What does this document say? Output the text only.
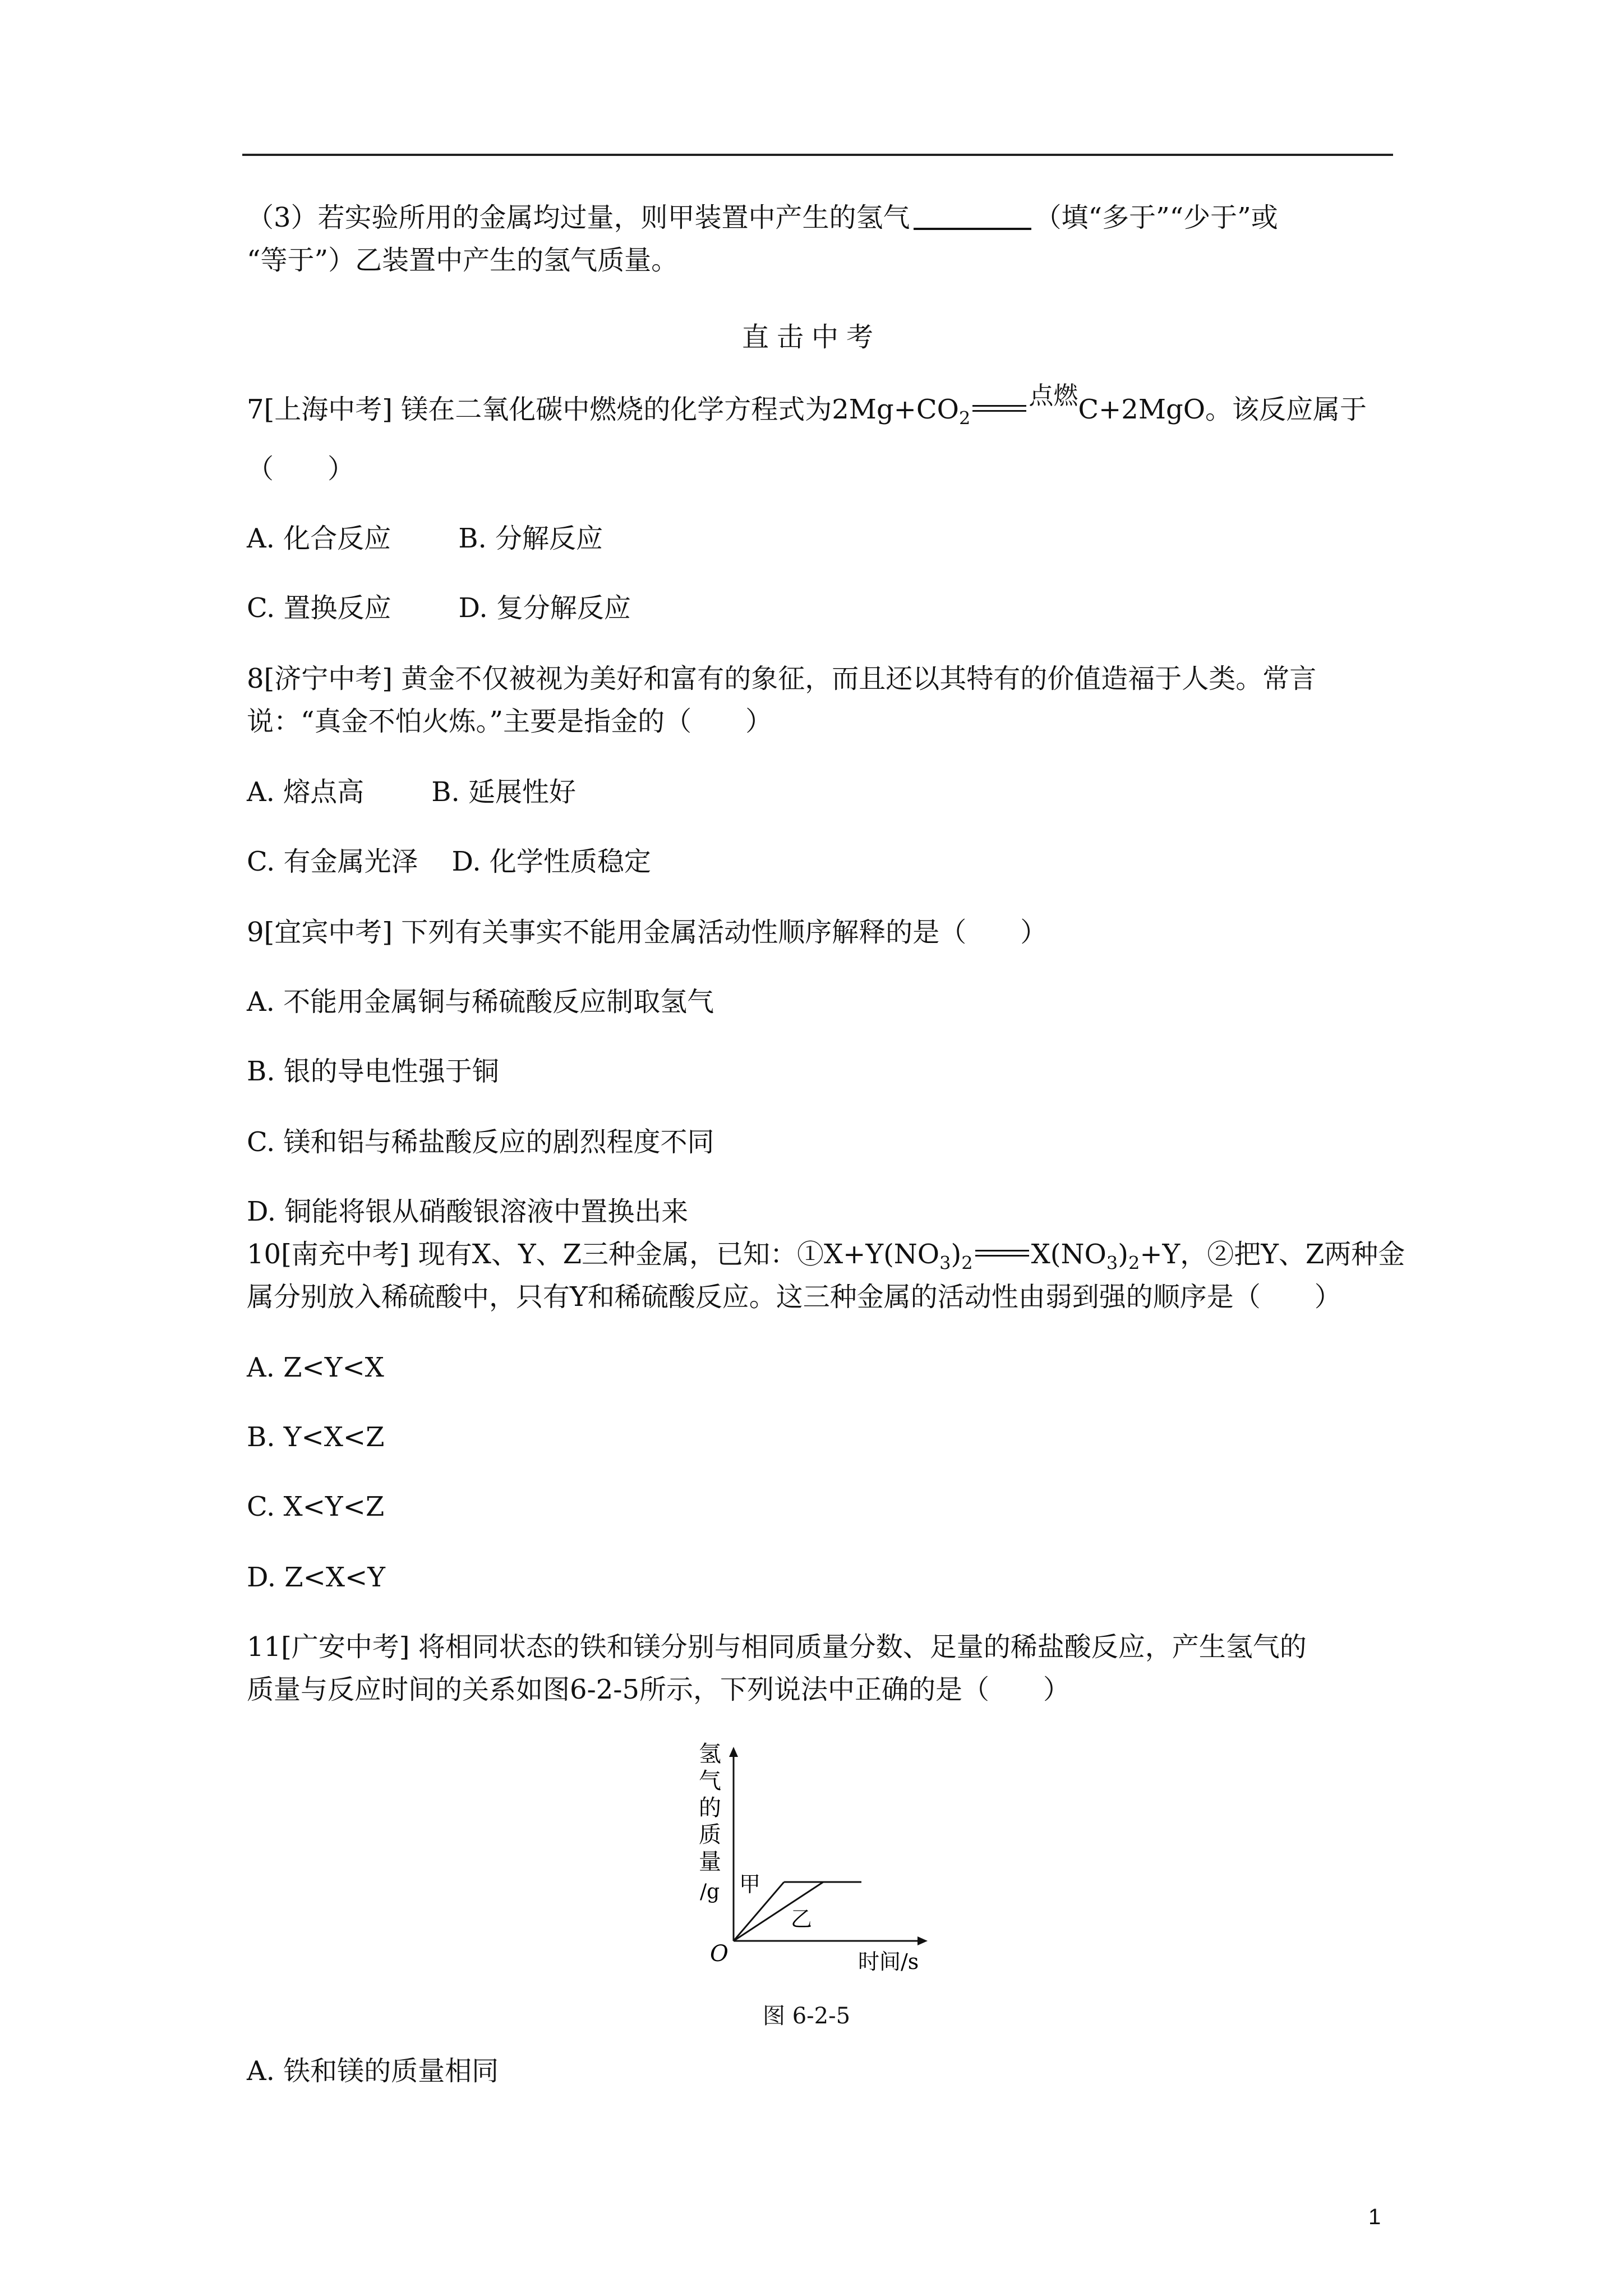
（3）若实验所用的金属均过量，则甲装置中产生的氢气	（填“多于”“少于”或
“等于”）乙装置中产生的氢气质量。
直击中考
7[上海中考] 镁在二氧化碳中燃烧的化学方程式为$2Mg+CO_2$点燃C+2MgO。该反应属于
（　　）
A. 化合反应	B. 分解反应
C. 置换反应	D. 复分解反应
8[济宁中考] 黄金不仅被视为美好和富有的象征，而且还以其特有的价值造福于人类。常言
说：“真金不怕火炼。”主要是指金的（　　）
A. 熔点高	B. 延展性好
C. 有金属光泽 D. 化学性质稳定
9[宜宾中考] 下列有关事实不能用金属活动性顺序解释的是（　　）
A. 不能用金属铜与稀硫酸反应制取氢气
B. 银的导电性强于铜
C. 镁和铝与稀盐酸反应的剧烈程度不同
D. 铜能将银从硝酸银溶液中置换出来
10[南充中考] 现有X、Y、Z三种金属，已知：$①X+Y(NO_3)_2$ $X(NO_3)_2+Y$，②把Y、Z两种金
属分别放入稀硫酸中，只有Y和稀硫酸反应。这三种金属的活动性由弱到强的顺序是（　　）
A. Z<Y<X
B. Y<X<Z
C. X<Y<Z
D. Z<X<Y
11[广安中考] 将相同状态的铁和镁分别与相同质量分数、足量的稀盐酸反应，产生氢气的
质量与反应时间的关系如图6-2-5所示，下列说法中正确的是（　　）
氢
气
的
质
量
/g
O
甲
乙
时间/s
图 6-2-5
A. 铁和镁的质量相同
1
